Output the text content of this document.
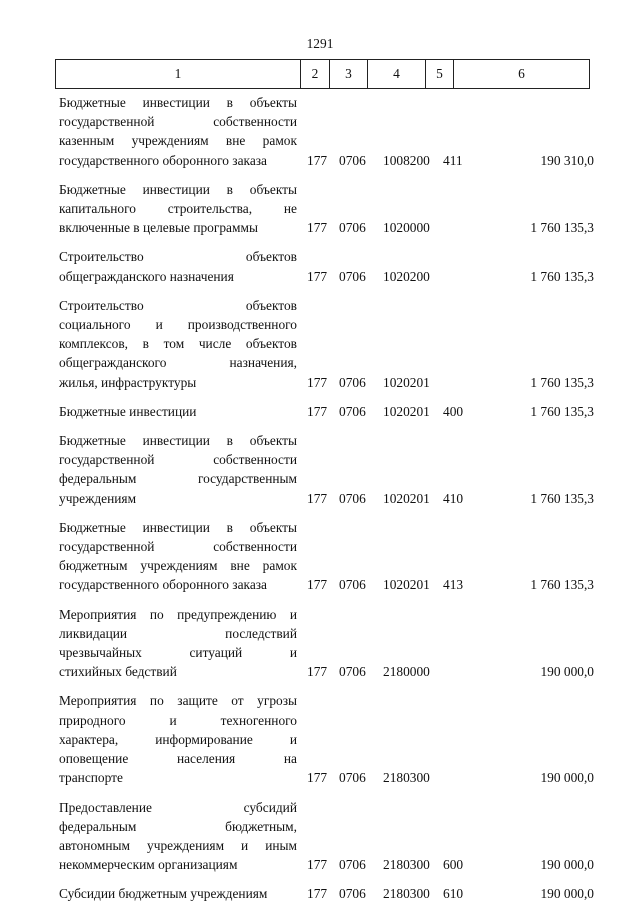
1291
1	2	3	4	5	6
Бюджетные инвестиции в объекты
государственной собственности
казенным учреждениям вне рамок
государственного оборонного заказа	177 0706	1008200 411	190 310,0
Бюджетные инвестиции в объекты
капитального строительства, не
включенные в целевые программы	177 0706	1020000	1 760 135,3
Строительство объектов
общегражданского назначения	177 0706	1020200	1 760 135,3
Строительство объектов
социального и производственного
комплексов, в том числе объектов
общегражданского назначения,
жилья, инфраструктуры	177 0706	1020201	1 760 135,3
Бюджетные инвестиции	177 0706	1020201 400	1 760 135,3
Бюджетные инвестиции в объекты
государственной собственности
федеральным государственным
учреждениям	177 0706	1020201 410	1 760 135,3
Бюджетные инвестиции в объекты
государственной собственности
бюджетным учреждениям вне рамок
государственного оборонного заказа	177 0706	1020201 413	1 760 135,3
Мероприятия по предупреждению и
ликвидации последствий
чрезвычайных ситуаций и
стихийных бедствий	177 0706	2180000	190 000,0
Мероприятия по защите от угрозы
природного и техногенного
характера, информирование и
оповещение населения на
транспорте	177 0706	2180300	190 000,0
Предоставление субсидий
федеральным бюджетным,
автономным учреждениям и иным
некоммерческим организациям	177 0706	2180300 600	190 000,0
Субсидии бюджетным учреждениям	177 0706	2180300 610	190 000,0
